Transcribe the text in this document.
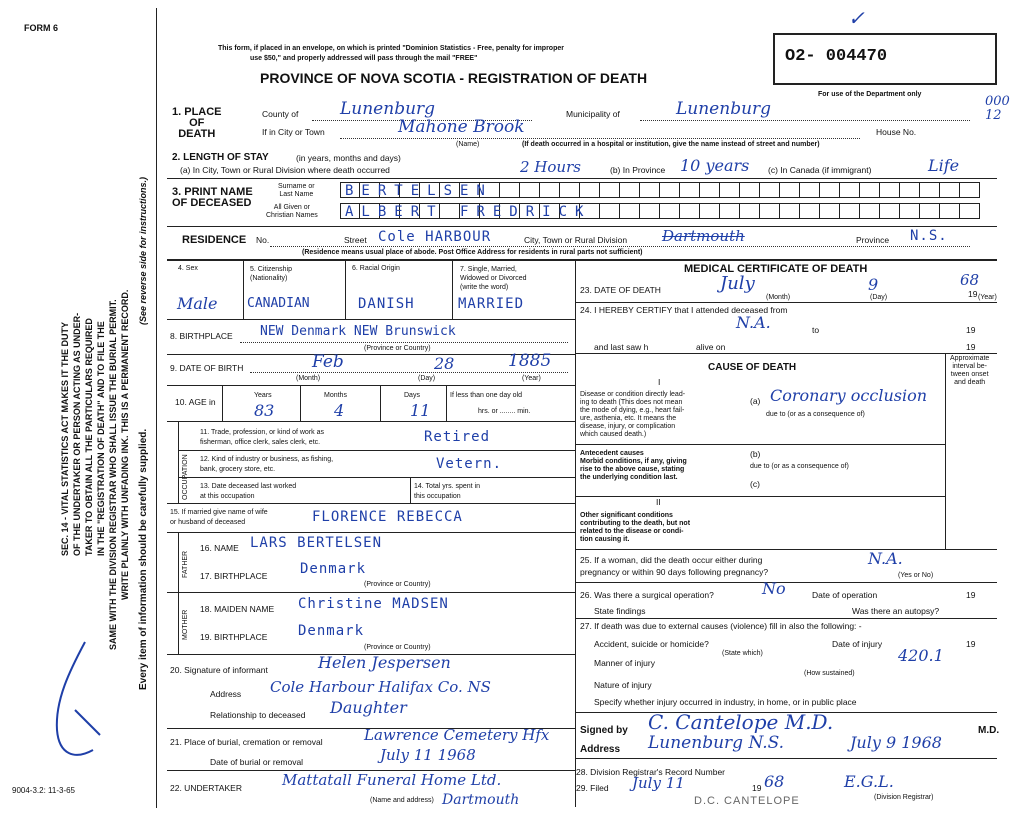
FORM 6
This form, if placed in an envelope, on which is printed "Dominion Statistics - Free, penalty for improper
use $50," and properly addressed will pass through the mail "FREE"
PROVINCE OF NOVA SCOTIA - REGISTRATION OF DEATH
O2- 004470
For use of the Department only	000
12
✓
SEC. 14 - VITAL STATISTICS ACT MAKES IT THE DUTY OF THE UNDERTAKER OR PERSON ACTING AS UNDER- TAKER TO OBTAIN ALL THE PARTICULARS REQUIRED IN THE "REGISTRATION OF DEATH" AND TO FILE THE SAME WITH THE DIVISION REGISTRAR WHO SHALL ISSUE THE BURIAL PERMIT. WRITE PLAINLY WITH UNFADING INK. THIS IS A PERMANENT RECORD.
(See reverse side for instructions.)
Every item of information should be carefully supplied.
9004-3.2: 11-3-65
1. PLACE
OF
DEATH
County of Lunenburg	Municipality of	Lunenburg
If in City or Town	Mahone Brook	House No.
(Name)	(If death occurred in a hospital or institution, give the name instead of street and number)
2. LENGTH OF STAY	(in years, months and days)
(a) In City, Town or Rural Division where death occurred	2 Hours	(b) In Province 10 years (c) In Canada (if immigrant)	Life
3. PRINT NAME
OF DECEASED
Surname or
Last Name
All Given or
Christian Names
BERTELSEN
ALBERT FREDRICK
RESIDENCE No.	Street Cole HARBOUR	City, Town or Rural Division Dartmouth	Province N.S.
(Residence means usual place of abode. Post Office Address for residents in rural parts not sufficient)
4. Sex	5. Citizenship
(Nationality)
6. Racial Origin	7. Single, Married,
Widowed or Divorced
(write the word)
Male CANADIAN	DANISH	MARRIED
8. BIRTHPLACE NEW Denmark NEW Brunswick
(Province or Country)
9. DATE OF BIRTH	Feb	28	1885
(Month)	(Day)	(Year)
10. AGE in
Years	Months	Days	If less than one day old
hrs. or ........ min.
83	4	11
OCCUPATION
11. Trade, profession, or kind of work as
fisherman, office clerk, sales clerk, etc.	Retired
12. Kind of industry or business, as fishing,
bank, grocery store, etc.	Vetern.
13. Date deceased last worked
at this occupation
14. Total yrs. spent in
this occupation
15. If married give name of wife
or husband of deceased	FLORENCE REBECCA
FATHER
16. NAME LARS BERTELSEN
17. BIRTHPLACE Denmark
(Province or Country)
MOTHER
18. MAIDEN NAME Christine MADSEN
19. BIRTHPLACE Denmark
(Province or Country)
20. Signature of informant	Helen Jespersen
Address Cole Harbour Halifax Co. NS
Relationship to deceased Daughter
21. Place of burial, cremation or removal	Lawrence Cemetery Hfx
Date of burial or removal	July 11 1968
22. UNDERTAKER	Mattatall Funeral Home Ltd.
(Name and address) Dartmouth
MEDICAL CERTIFICATE OF DEATH
23. DATE OF DEATH	July	9	19
68
(Month)	(Day)	(Year)
24. I HEREBY CERTIFY that I attended deceased from
N.A.	to	19
and last saw h	alive on	19
CAUSE OF DEATH
Approximate
interval be-
tween onset
and death
I
Disease or condition directly lead-
ing to death (This does not mean
the mode of dying, e.g., heart fail-
ure, asthenia, etc. It means the
disease, injury, or complication
which caused death.)
(a) Coronary occlusion
due to (or as a consequence of)
Antecedent causes
Morbid conditions, if any, giving
rise to the above cause, stating
the underlying condition last.
(b)
due to (or as a consequence of)
(c)
II
Other significant conditions
contributing to the death, but not
related to the disease or condi-
tion causing it.
25. If a woman, did the death occur either during
pregnancy or within 90 days following pregnancy?
N.A.
(Yes or No)
26. Was there a surgical operation?	No	Date of operation	19
State findings	Was there an autopsy?
27. If death was due to external causes (violence) fill in also the following: -
Accident, suicide or homicide?	Date of injury	19
(State which)
Manner of injury	420.1
(How sustained)
Nature of injury
Specify whether injury occurred in industry, in home, or in public place
Signed by C. Cantelope M.D.	M.D.
Address Lunenburg N.S.	July 9 1968
28. Division Registrar's Record Number
29. Filed July 11	19 68	E.G.L.
(Division Registrar)
D.C. CANTELOPE
